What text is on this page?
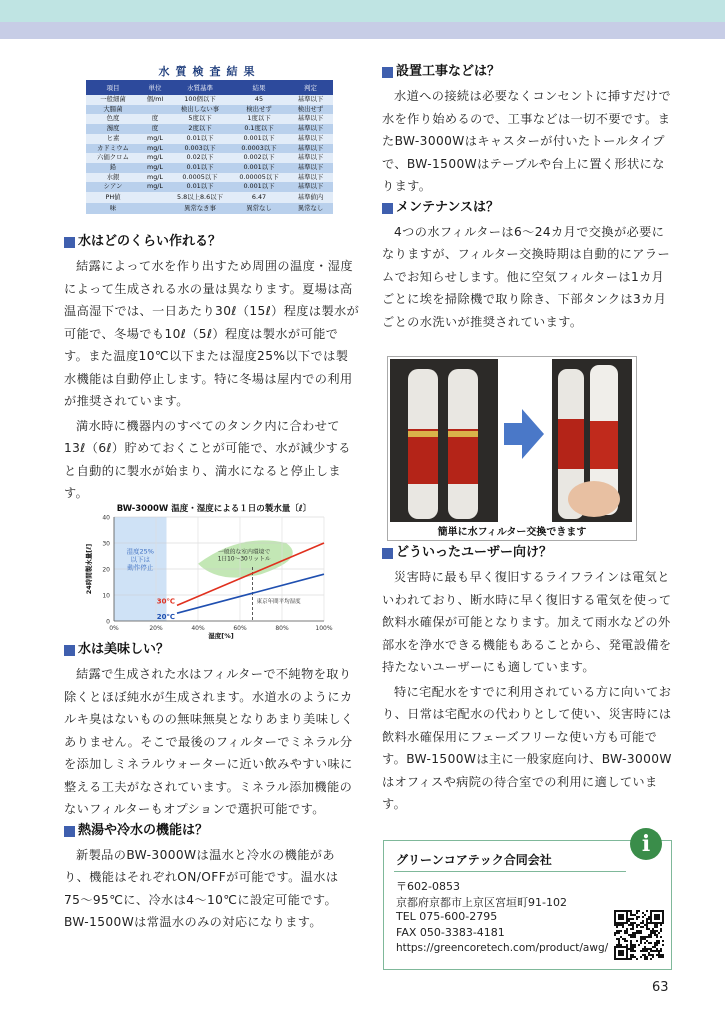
水質検査結果
項目	単位	水質基準	結果	判定
一般細菌	個/ml	100個以下	45	基準以下
大腸菌		検出しない事	検出せず	検出せず
色度	度	5度以下	1度以下	基準以下
濁度	度	2度以下	0.1度以下	基準以下
ヒ素	mg/L	0.01以下	0.001以下	基準以下
カドミウム	mg/L	0.003以下	0.0003以下	基準以下
六価クロム	mg/L	0.02以下	0.002以下	基準以下
鉛	mg/L	0.01以下	0.001以下	基準以下
水銀	mg/L	0.0005以下	0.00005以下	基準以下
シアン	mg/L	0.01以下	0.001以下	基準以下
PH値		5.8以上8.6以下	6.47	基準値内
味		異常なき事	異常なし	異常なし
水はどのくらい作れる？

結露によって水を作り出すため周囲の温度・湿度によって生成される水の量は異なります。夏場は高温高湿下では、一日あたり30ℓ（15ℓ）程度は製水が可能で、冬場でも10ℓ（5ℓ）程度は製水が可能です。また温度10℃以下または湿度25%以下では製水機能は自動停止します。特に冬場は屋内での利用が推奨されています。

満水時に機器内のすべてのタンク内に合わせて13ℓ（6ℓ）貯めておくことが可能で、水が減少すると自動的に製水が始まり、満水になると停止します。

BW-3000W 温度・湿度による１日の製水量〔ℓ〕
24時間製水量[ℓ]
湿度[%]
0
10
20
30
40
0%	20%	40%	60%	80%	100%
30℃
20℃
湿度25%以下は動作停止
一般的な室内環境で 1日10〜30リットル
東京年間平均湿度
水は美味しい？

結露で生成された水はフィルターで不純物を取り除くとほぼ純水が生成されます。水道水のようにカルキ臭はないものの無味無臭となりあまり美味しくありません。そこで最後のフィルターでミネラル分を添加しミネラルウォーターに近い飲みやすい味に整える工夫がなされています。ミネラル添加機能のないフィルターもオプションで選択可能です。

熱湯や冷水の機能は？

新製品のBW-3000Wは温水と冷水の機能があり、機能はそれぞれON/OFFが可能です。温水は75〜95℃に、冷水は4〜10℃に設定可能です。BW-1500Wは常温水のみの対応になります。

設置工事などは？

水道への接続は必要なくコンセントに挿すだけで水を作り始めるので、工事などは一切不要です。またBW-3000Wはキャスターが付いたトールタイプで、BW-1500Wはテーブルや台上に置く形状になります。

メンテナンスは？

4つの水フィルターは6〜24カ月で交換が必要になりますが、フィルター交換時期は自動的にアラームでお知らせします。他に空気フィルターは1カ月ごとに埃を掃除機で取り除き、下部タンクは3カ月ごとの水洗いが推奨されています。

簡単に水フィルター交換できます
どういったユーザー向け？

災害時に最も早く復旧するライフラインは電気といわれており、断水時に早く復旧する電気を使って飲料水確保が可能となります。加えて雨水などの外部水を浄水できる機能もあることから、発電設備を持たないユーザーにも適しています。

特に宅配水をすでに利用されている方に向いており、日常は宅配水の代わりとして使い、災害時には飲料水確保用にフェーズフリーな使い方も可能です。BW-1500Wは主に一般家庭向け、BW-3000Wはオフィスや病院の待合室での利用に適しています。

グリーンコアテック合同会社
〒602-0853
京都府京都市上京区宮垣町91-102
TEL 075-600-2795
FAX 050-3383-4181
https://greencoretech.com/product/awg/
i
63
